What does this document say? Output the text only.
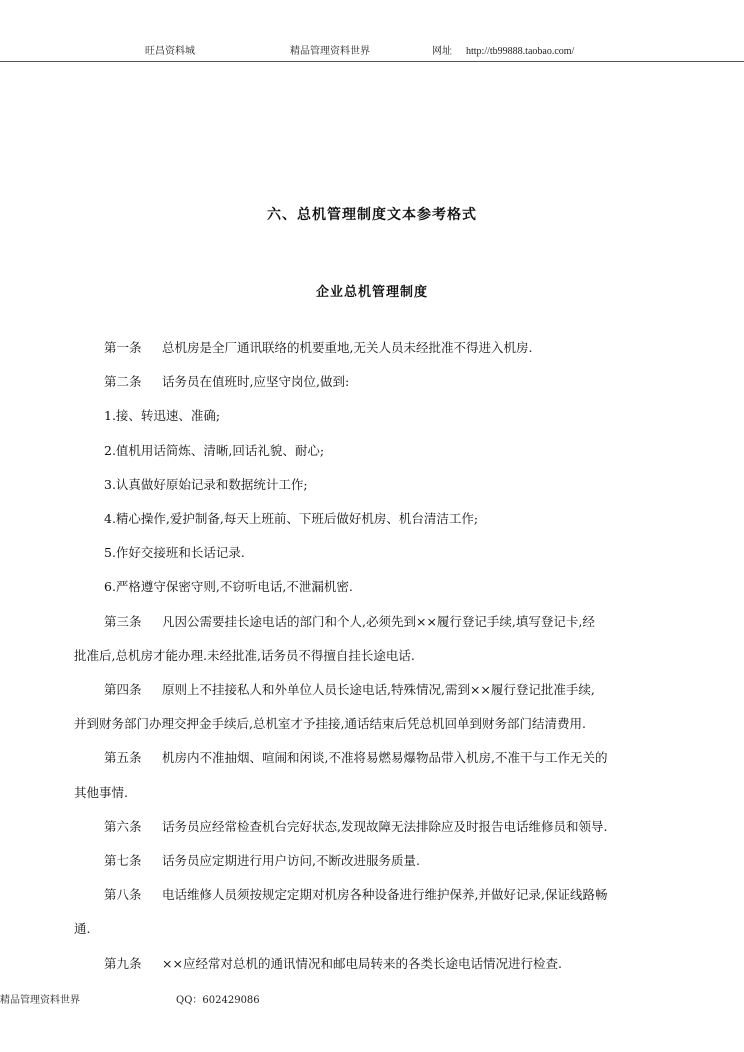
旺昌资料城	精品管理资料世界	网址 http://tb99888.taobao.com/
六、总机管理制度文本参考格式
企业总机管理制度
第一条 总机房是全厂通讯联络的机要重地,无关人员未经批准不得进入机房.
第二条 话务员在值班时,应坚守岗位,做到:
1.接、转迅速、准确;
2.值机用话简炼、清晰,回话礼貌、耐心;
3.认真做好原始记录和数据统计工作;
4.精心操作,爱护制备,每天上班前、下班后做好机房、机台清洁工作;
5.作好交接班和长话记录.
6.严格遵守保密守则,不窃听电话,不泄漏机密.
第三条 凡因公需要挂长途电话的部门和个人,必须先到××履行登记手续,填写登记卡,经
批准后,总机房才能办理.未经批准,话务员不得擅自挂长途电话.
第四条 原则上不挂接私人和外单位人员长途电话,特殊情况,需到××履行登记批准手续,
并到财务部门办理交押金手续后,总机室才予挂接,通话结束后凭总机回单到财务部门结清费用.
第五条 机房内不准抽烟、喧闹和闲谈,不准将易燃易爆物品带入机房,不准干与工作无关的
其他事情.
第六条 话务员应经常检查机台完好状态,发现故障无法排除应及时报告电话维修员和领导.
第七条 话务员应定期进行用户访问,不断改进服务质量.
第八条 电话维修人员须按规定定期对机房各种设备进行维护保养,并做好记录,保证线路畅
通.
第九条 ××应经常对总机的通讯情况和邮电局转来的各类长途电话情况进行检查.
精品管理资料世界	QQ：602429086
